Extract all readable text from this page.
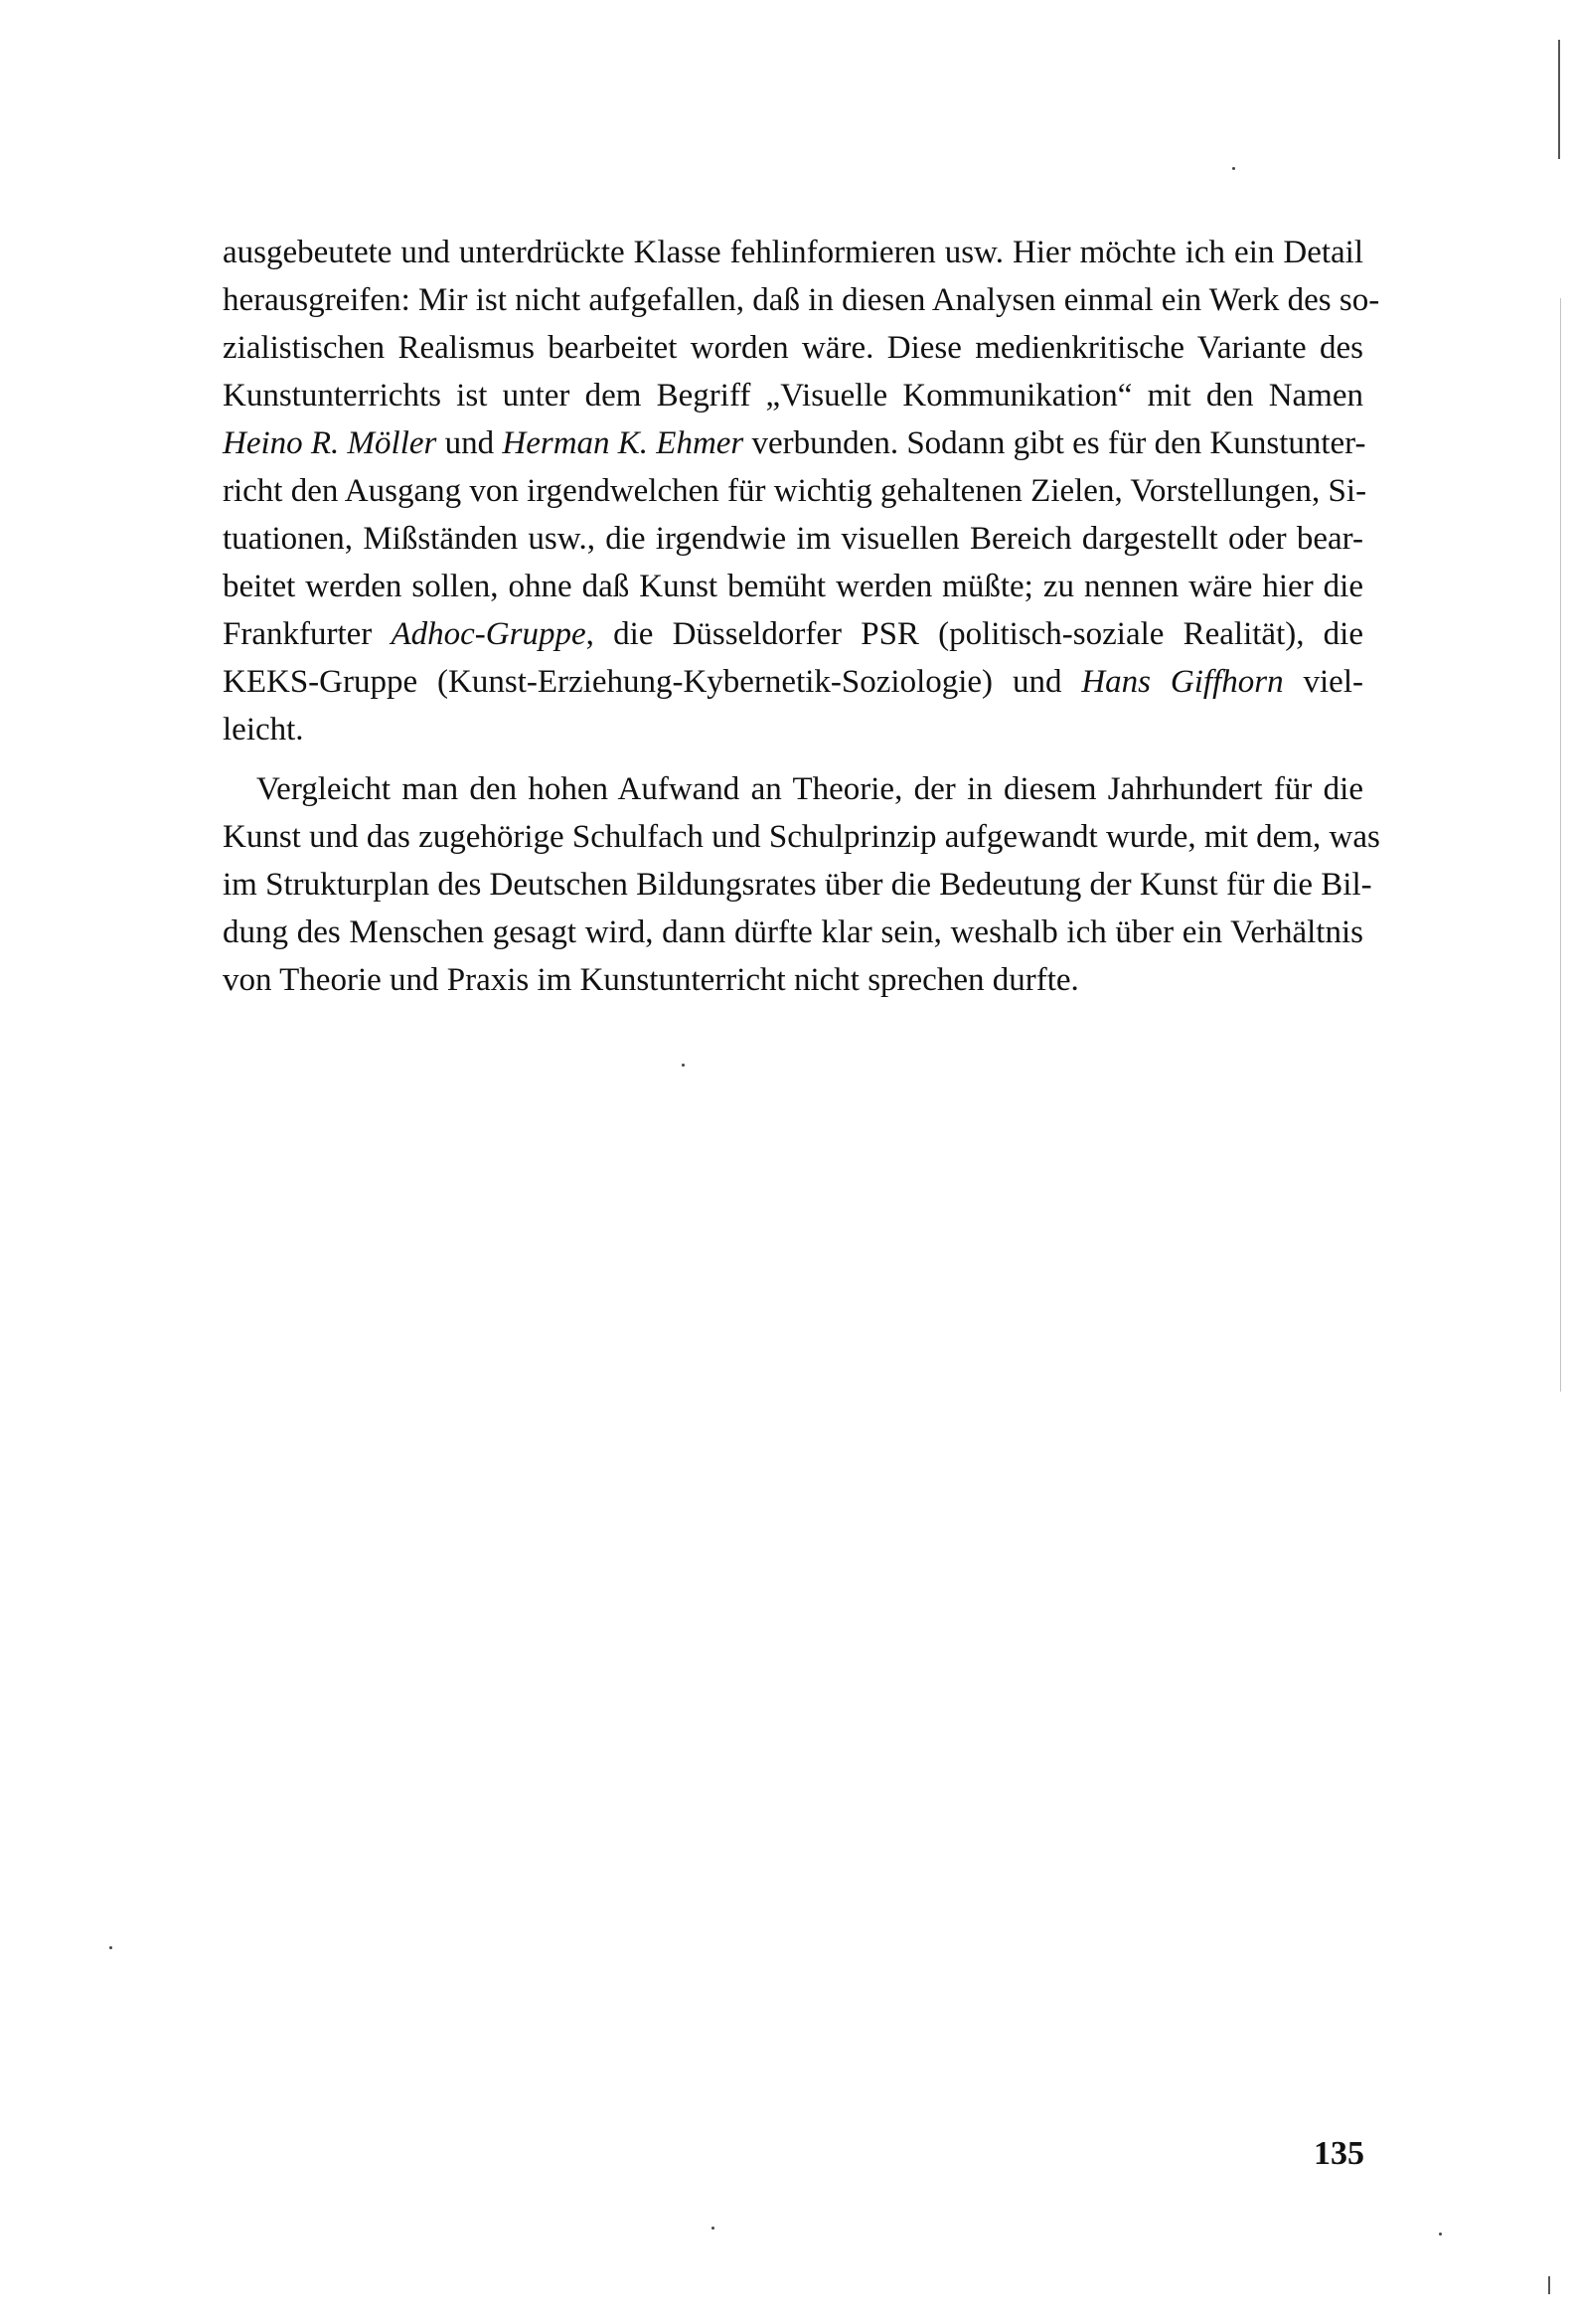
ausgebeutete und unterdrückte Klasse fehlinformieren usw. Hier möchte ich ein Detail
herausgreifen: Mir ist nicht aufgefallen, daß in diesen Analysen einmal ein Werk des so-
zialistischen Realismus bearbeitet worden wäre. Diese medienkritische Variante des
Kunstunterrichts ist unter dem Begriff „Visuelle Kommunikation“ mit den Namen
Heino R. Möller und Herman K. Ehmer verbunden. Sodann gibt es für den Kunstunter-
richt den Ausgang von irgendwelchen für wichtig gehaltenen Zielen, Vorstellungen, Si-
tuationen, Mißständen usw., die irgendwie im visuellen Bereich dargestellt oder bear-
beitet werden sollen, ohne daß Kunst bemüht werden müßte; zu nennen wäre hier die
Frankfurter Adhoc-Gruppe, die Düsseldorfer PSR (politisch-soziale Realität), die
KEKS-Gruppe (Kunst-Erziehung-Kybernetik-Soziologie) und Hans Giffhorn viel-
leicht.

Vergleicht man den hohen Aufwand an Theorie, der in diesem Jahrhundert für die
Kunst und das zugehörige Schulfach und Schulprinzip aufgewandt wurde, mit dem, was
im Strukturplan des Deutschen Bildungsrates über die Bedeutung der Kunst für die Bil-
dung des Menschen gesagt wird, dann dürfte klar sein, weshalb ich über ein Verhältnis
von Theorie und Praxis im Kunstunterricht nicht sprechen durfte.

135
